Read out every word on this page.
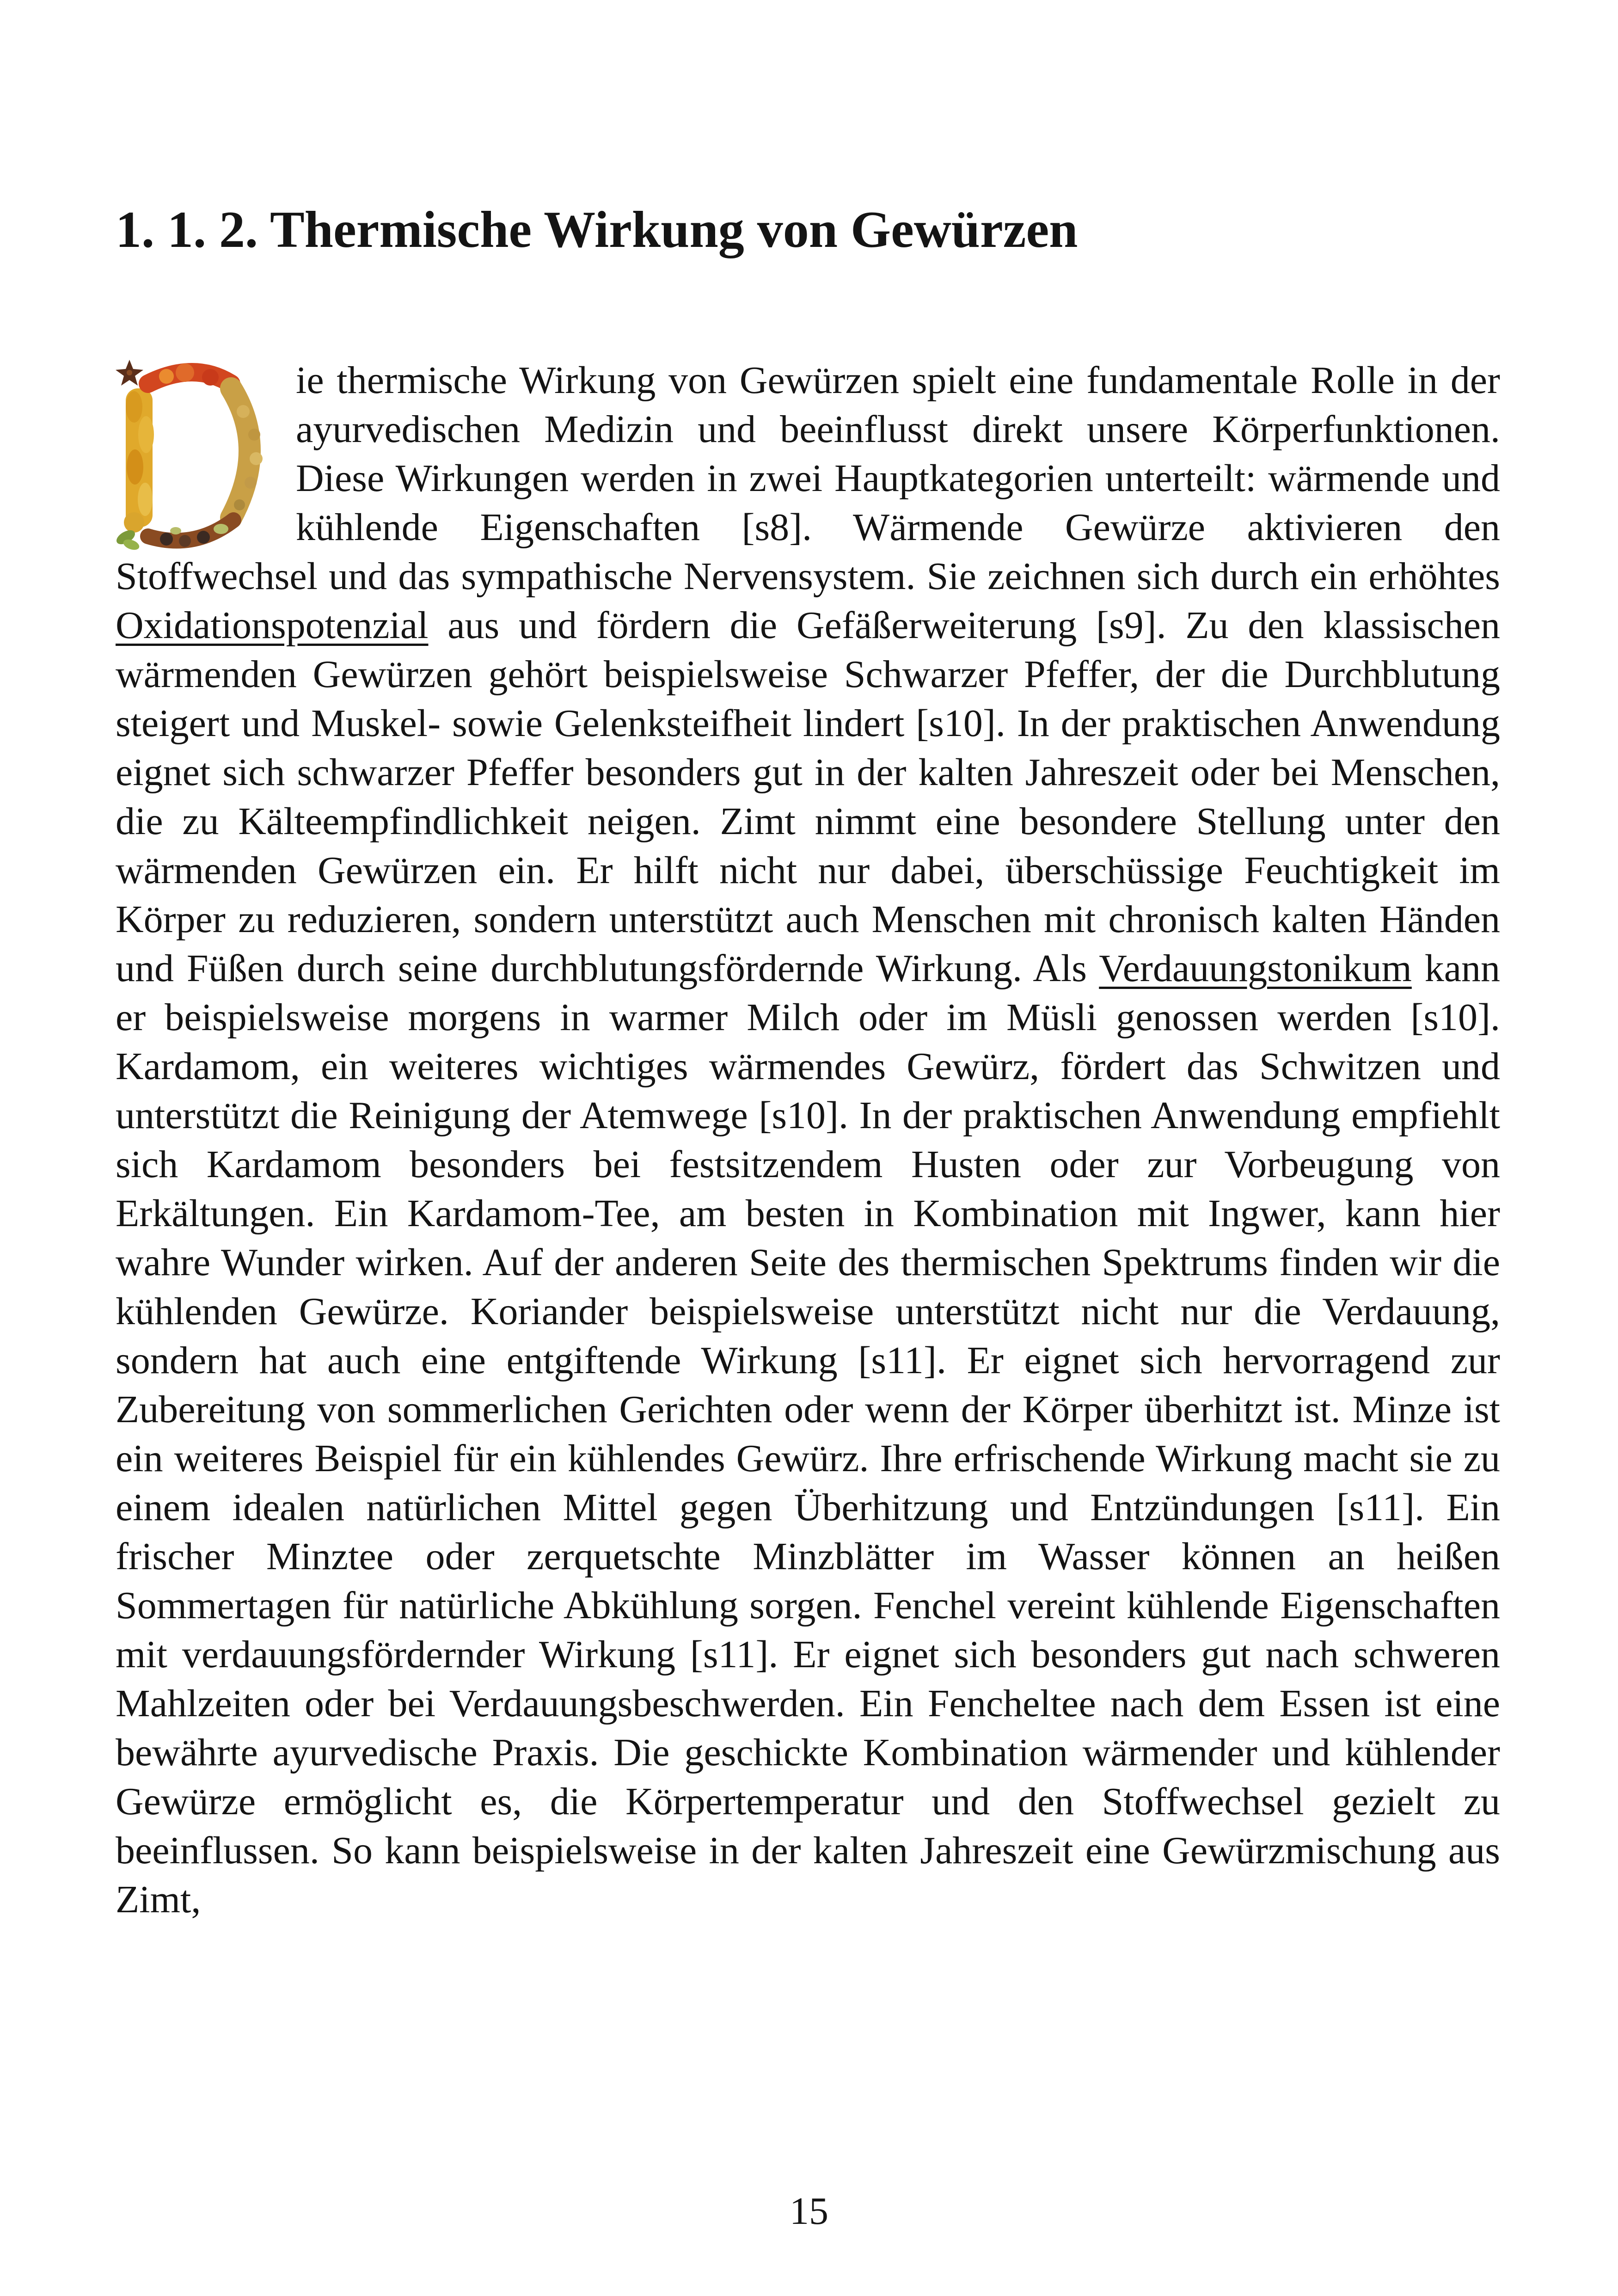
1. 1. 2. Thermische Wirkung von Gewürzen

ie thermische Wirkung von Gewürzen spielt eine fundamentale Rolle in der ayurvedischen Medizin und beeinflusst direkt unsere Körperfunktionen. Diese Wirkungen werden in zwei Hauptkategorien unterteilt: wärmende und kühlende Eigenschaften [s8]. Wärmende Gewürze aktivieren den Stoffwechsel und das sympathische Nervensystem. Sie zeichnen sich durch ein erhöhtes Oxidationspotenzial aus und fördern die Gefäßerweiterung [s9]. Zu den klassischen wärmenden Gewürzen gehört beispielsweise Schwarzer Pfeffer, der die Durchblutung steigert und Muskel- sowie Gelenksteifheit lindert [s10]. In der praktischen Anwendung eignet sich schwarzer Pfeffer besonders gut in der kalten Jahreszeit oder bei Menschen, die zu Kälteempfindlichkeit neigen. Zimt nimmt eine besondere Stellung unter den wärmenden Gewürzen ein. Er hilft nicht nur dabei, überschüssige Feuchtigkeit im Körper zu reduzieren, sondern unterstützt auch Menschen mit chronisch kalten Händen und Füßen durch seine durchblutungsfördernde Wirkung. Als Verdauungstonikum kann er beispielsweise morgens in warmer Milch oder im Müsli genossen werden [s10]. Kardamom, ein weiteres wichtiges wärmendes Gewürz, fördert das Schwitzen und unterstützt die Reinigung der Atemwege [s10]. In der praktischen Anwendung empfiehlt sich Kardamom besonders bei festsitzendem Husten oder zur Vorbeugung von Erkältungen. Ein Kardamom-Tee, am besten in Kombination mit Ingwer, kann hier wahre Wunder wirken. Auf der anderen Seite des thermischen Spektrums finden wir die kühlenden Gewürze. Koriander beispielsweise unterstützt nicht nur die Verdauung, sondern hat auch eine entgiftende Wirkung [s11]. Er eignet sich hervorragend zur Zubereitung von sommerlichen Gerichten oder wenn der Körper überhitzt ist. Minze ist ein weiteres Beispiel für ein kühlendes Gewürz. Ihre erfrischende Wirkung macht sie zu einem idealen natürlichen Mittel gegen Überhitzung und Entzündungen [s11]. Ein frischer Minztee oder zerquetschte Minzblätter im Wasser können an heißen Sommertagen für natürliche Abkühlung sorgen. Fenchel vereint kühlende Eigenschaften mit verdauungsfördernder Wirkung [s11]. Er eignet sich besonders gut nach schweren Mahlzeiten oder bei Verdauungsbeschwerden. Ein Fencheltee nach dem Essen ist eine bewährte ayurvedische Praxis. Die geschickte Kombination wärmender und kühlender Gewürze ermöglicht es, die Körpertemperatur und den Stoffwechsel gezielt zu beeinflussen. So kann beispielsweise in der kalten Jahreszeit eine Gewürzmischung aus Zimt,

15
